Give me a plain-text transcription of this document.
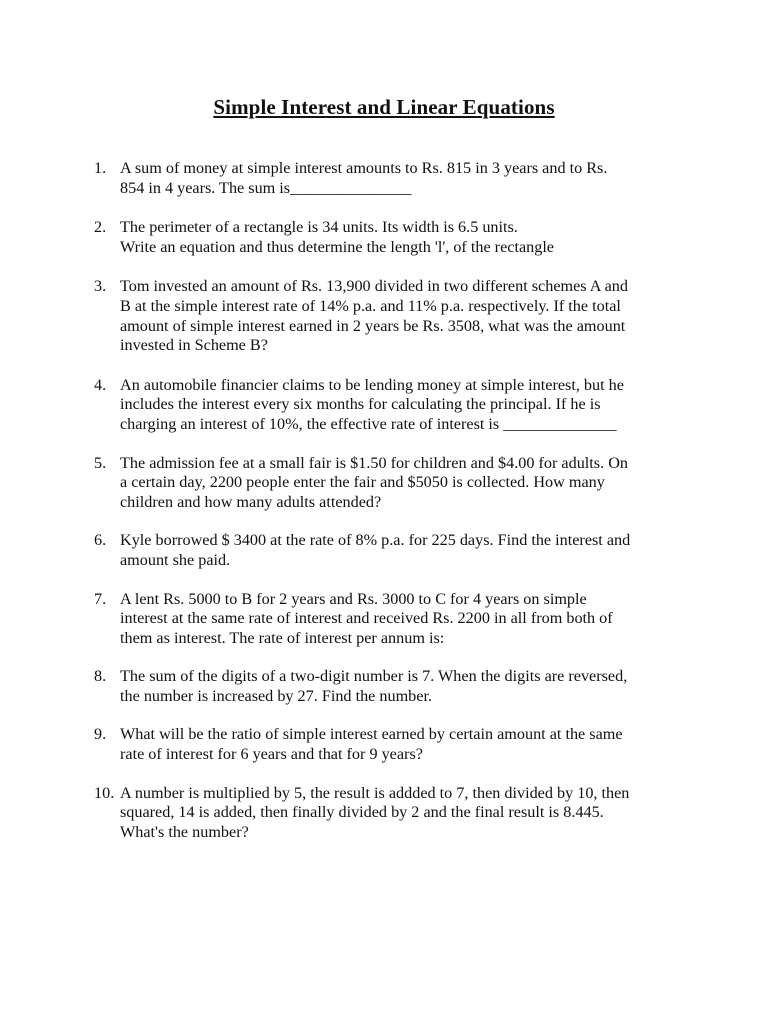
Simple Interest and Linear Equations
1. A sum of money at simple interest amounts to Rs. 815 in 3 years and to Rs.
854 in 4 years. The sum is_______________
2. The perimeter of a rectangle is 34 units. Its width is 6.5 units.
Write an equation and thus determine the length 'l', of the rectangle
3. Tom invested an amount of Rs. 13,900 divided in two different schemes A and
B at the simple interest rate of 14% p.a. and 11% p.a. respectively. If the total
amount of simple interest earned in 2 years be Rs. 3508, what was the amount
invested in Scheme B?
4. An automobile financier claims to be lending money at simple interest, but he
includes the interest every six months for calculating the principal. If he is
charging an interest of 10%, the effective rate of interest is ______________
5. The admission fee at a small fair is $1.50 for children and $4.00 for adults. On
a certain day, 2200 people enter the fair and $5050 is collected. How many
children and how many adults attended?
6. Kyle borrowed $ 3400 at the rate of 8% p.a. for 225 days. Find the interest and
amount she paid.
7. A lent Rs. 5000 to B for 2 years and Rs. 3000 to C for 4 years on simple
interest at the same rate of interest and received Rs. 2200 in all from both of
them as interest. The rate of interest per annum is:
8. The sum of the digits of a two-digit number is 7. When the digits are reversed,
the number is increased by 27. Find the number.
9. What will be the ratio of simple interest earned by certain amount at the same
rate of interest for 6 years and that for 9 years?
10. A number is multiplied by 5, the result is addded to 7, then divided by 10, then
squared, 14 is added, then finally divided by 2 and the final result is 8.445.
What's the number?
